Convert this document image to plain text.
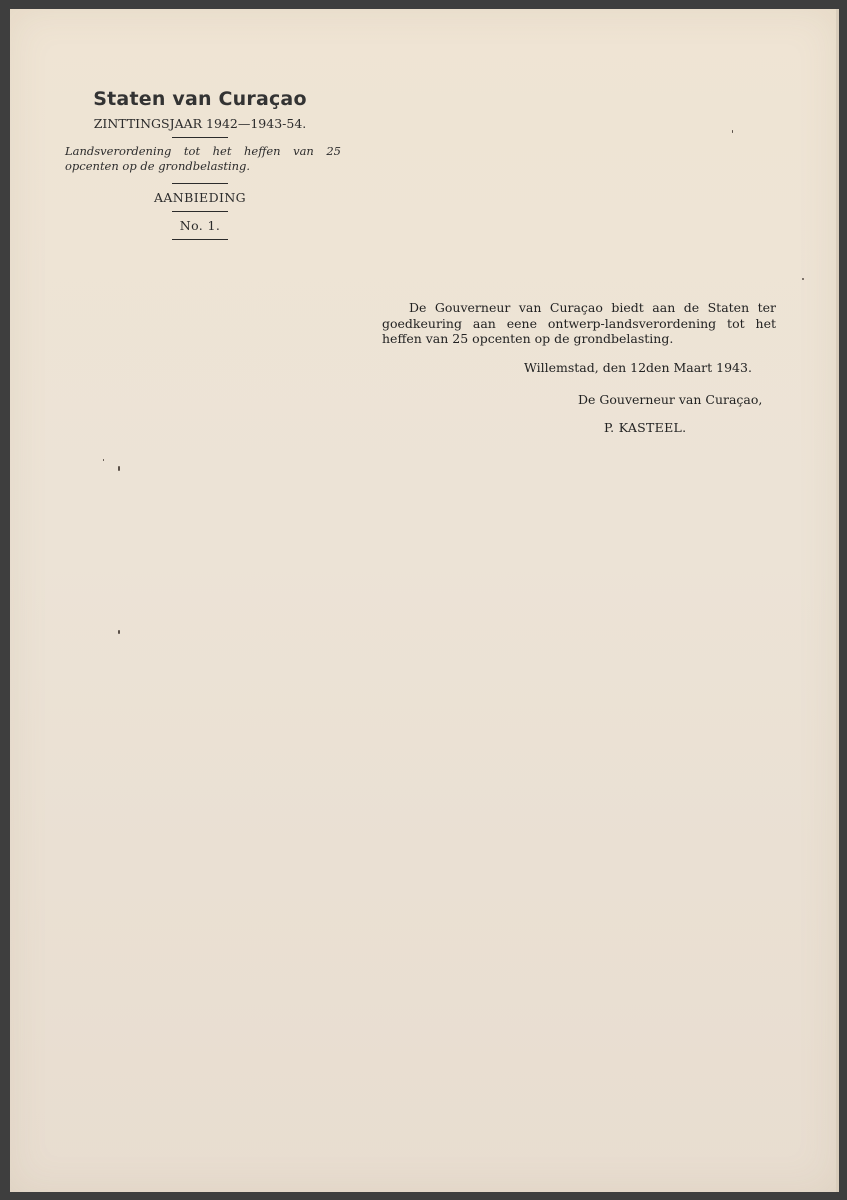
Staten van Curaçao
ZINTTINGSJAAR 1942—1943-54.
Landsverordening tot het heffen van 25 opcenten op de grondbelasting.
AANBIEDING
No. 1.
De Gouverneur van Curaçao biedt aan de Staten ter goedkeuring aan eene ontwerp-landsverordening tot het heffen van 25 opcenten op de grondbelasting.
Willemstad, den 12den Maart 1943.
De Gouverneur van Curaçao,
P. KASTEEL.
